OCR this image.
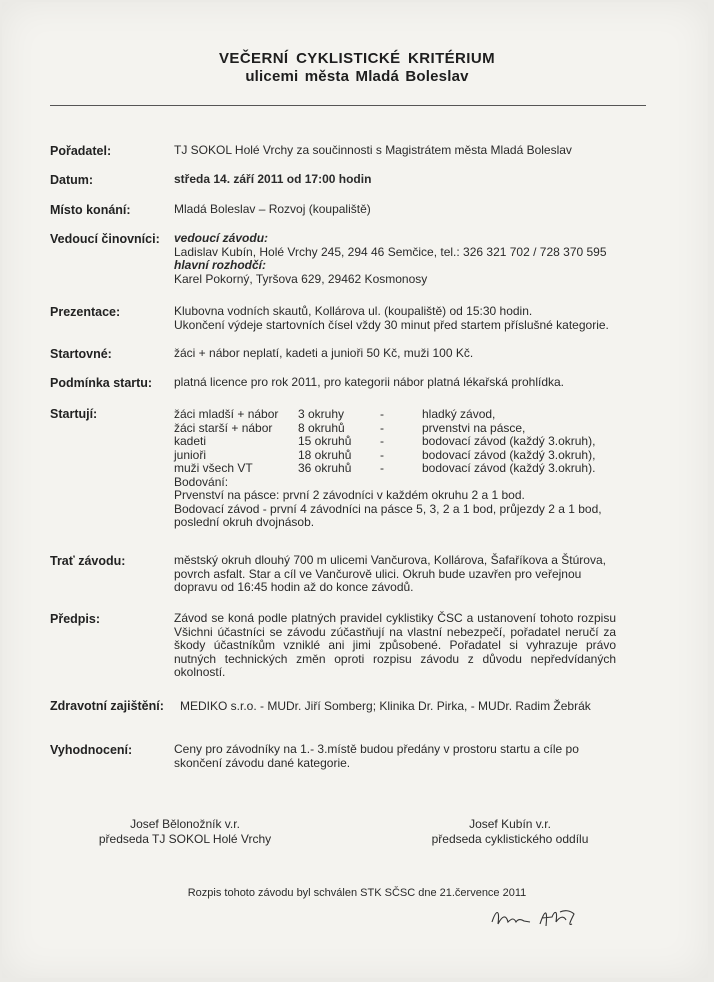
VEČERNÍ CYKLISTICKÉ KRITÉRIUM
ulicemi města Mladá Boleslav
Pořadatel:	TJ SOKOL Holé Vrchy za součinnosti s Magistrátem města Mladá Boleslav
Datum:	středa 14. září 2011 od 17:00 hodin
Místo konání:	Mladá Boleslav – Rozvoj (koupaliště)
Vedoucí činovníci: vedoucí závodu:
Ladislav Kubín, Holé Vrchy 245, 294 46 Semčice, tel.: 326 321 702 / 728 370 595
hlavní rozhodčí:
Karel Pokorný, Tyršova 629, 29462 Kosmonosy
Prezentace:	Klubovna vodních skautů, Kollárova ul. (koupaliště) od 15:30 hodin.
Ukončení výdeje startovních čísel vždy 30 minut před startem příslušné kategorie.
Startovné:	žáci + nábor neplatí, kadeti a junioři 50 Kč, muži 100 Kč.
Podmínka startu: platná licence pro rok 2011, pro kategorii nábor platná lékařská prohlídka.
Startují:	žáci mladší + nábor 3 okruhy	-	hladký závod,
žáci starší + nábor 8 okruhů	-	prvenstvi na pásce,
kadeti	15 okruhů -	bodovací závod (každý 3.okruh),
junioři	18 okruhů -	bodovací závod (každý 3.okruh),
muži všech VT	36 okruhů -	bodovací závod (každý 3.okruh).
Bodování:
Prvenství na pásce: první 2 závodníci v každém okruhu 2 a 1 bod.
Bodovací závod - první 4 závodníci na pásce 5, 3, 2 a 1 bod, průjezdy 2 a 1 bod,
poslední okruh dvojnásob.
Trať závodu:	městský okruh dlouhý 700 m ulicemi Vančurova, Kollárova, Šafaříkova a Štúrova,
povrch asfalt. Star a cíl ve Vančurově ulici. Okruh bude uzavřen pro veřejnou
dopravu od 16:45 hodin až do konce závodů.
Předpis:	Závod se koná podle platných pravidel cyklistiky ČSC a ustanovení tohoto rozpisu Všichni účastníci se závodu zúčastňují na vlastní nebezpečí, pořadatel neručí za škody účastníkům vzniklé ani jimi způsobené. Pořadatel si vyhrazuje právo nutných technických změn oproti rozpisu závodu z důvodu nepředvídaných okolností.
Zdravotní zajištění: MEDIKO s.r.o. - MUDr. Jiří Somberg; Klinika Dr. Pirka, - MUDr. Radim Žebrák
Vyhodnocení:	Ceny pro závodníky na 1.- 3.místě budou předány v prostoru startu a cíle po
skončení závodu dané kategorie.
Josef Bělonožník v.r.
předseda TJ SOKOL Holé Vrchy
Josef Kubín v.r.
předseda cyklistického oddílu
Rozpis tohoto závodu byl schválen STK SČSC dne 21.července 2011
